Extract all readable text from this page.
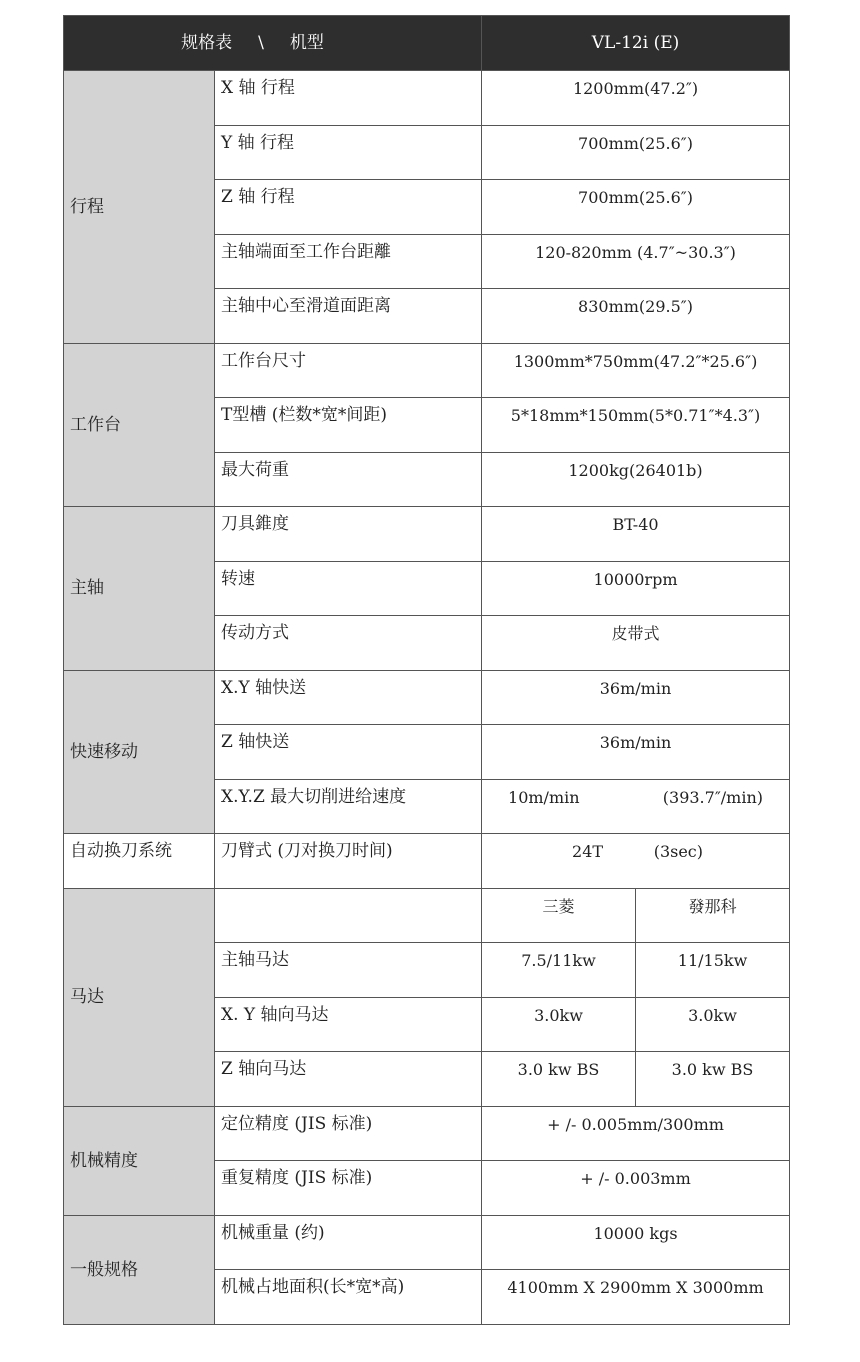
规格表 \ 机型		VL-12i (E)	
行程	X 轴 行程	1200mm(47.2″)	
	Y 轴 行程	700mm(25.6″)	
	Z 轴 行程	700mm(25.6″)	
	主轴端面至工作台距離	120-820mm (4.7″~30.3″)	
	主轴中心至滑道面距离	830mm(29.5″)	
工作台	工作台尺寸	1300mm*750mm(47.2″*25.6″)	
	T型槽 (栏数*宽*间距)	5*18mm*150mm(5*0.71″*4.3″)	
	最大荷重	1200kg(26401b)	
主轴	刀具錐度	BT-40	
	转速	10000rpm	
	传动方式	皮带式	
快速移动	X.Y 轴快送	36m/min	
	Z 轴快送	36m/min	
	X.Y.Z 最大切削进给速度	10m/min (393.7″/min)	

自动换刀系统	刀臂式 (刀对换刀时间)	24T (3sec)	

马达		三菱	發那科
	主轴马达	7.5/11kw	11/15kw
	X. Y 轴向马达	3.0kw	3.0kw
	Z 轴向马达	3.0 kw BS	3.0 kw BS
机械精度	定位精度 (JIS 标准)	+ /- 0.005mm/300mm	
	重复精度 (JIS 标准)	+ /- 0.003mm	
一般规格	机械重量 (约)	10000 kgs	
	机械占地面积(长*宽*高)	4100mm X 2900mm X 3000mm	
